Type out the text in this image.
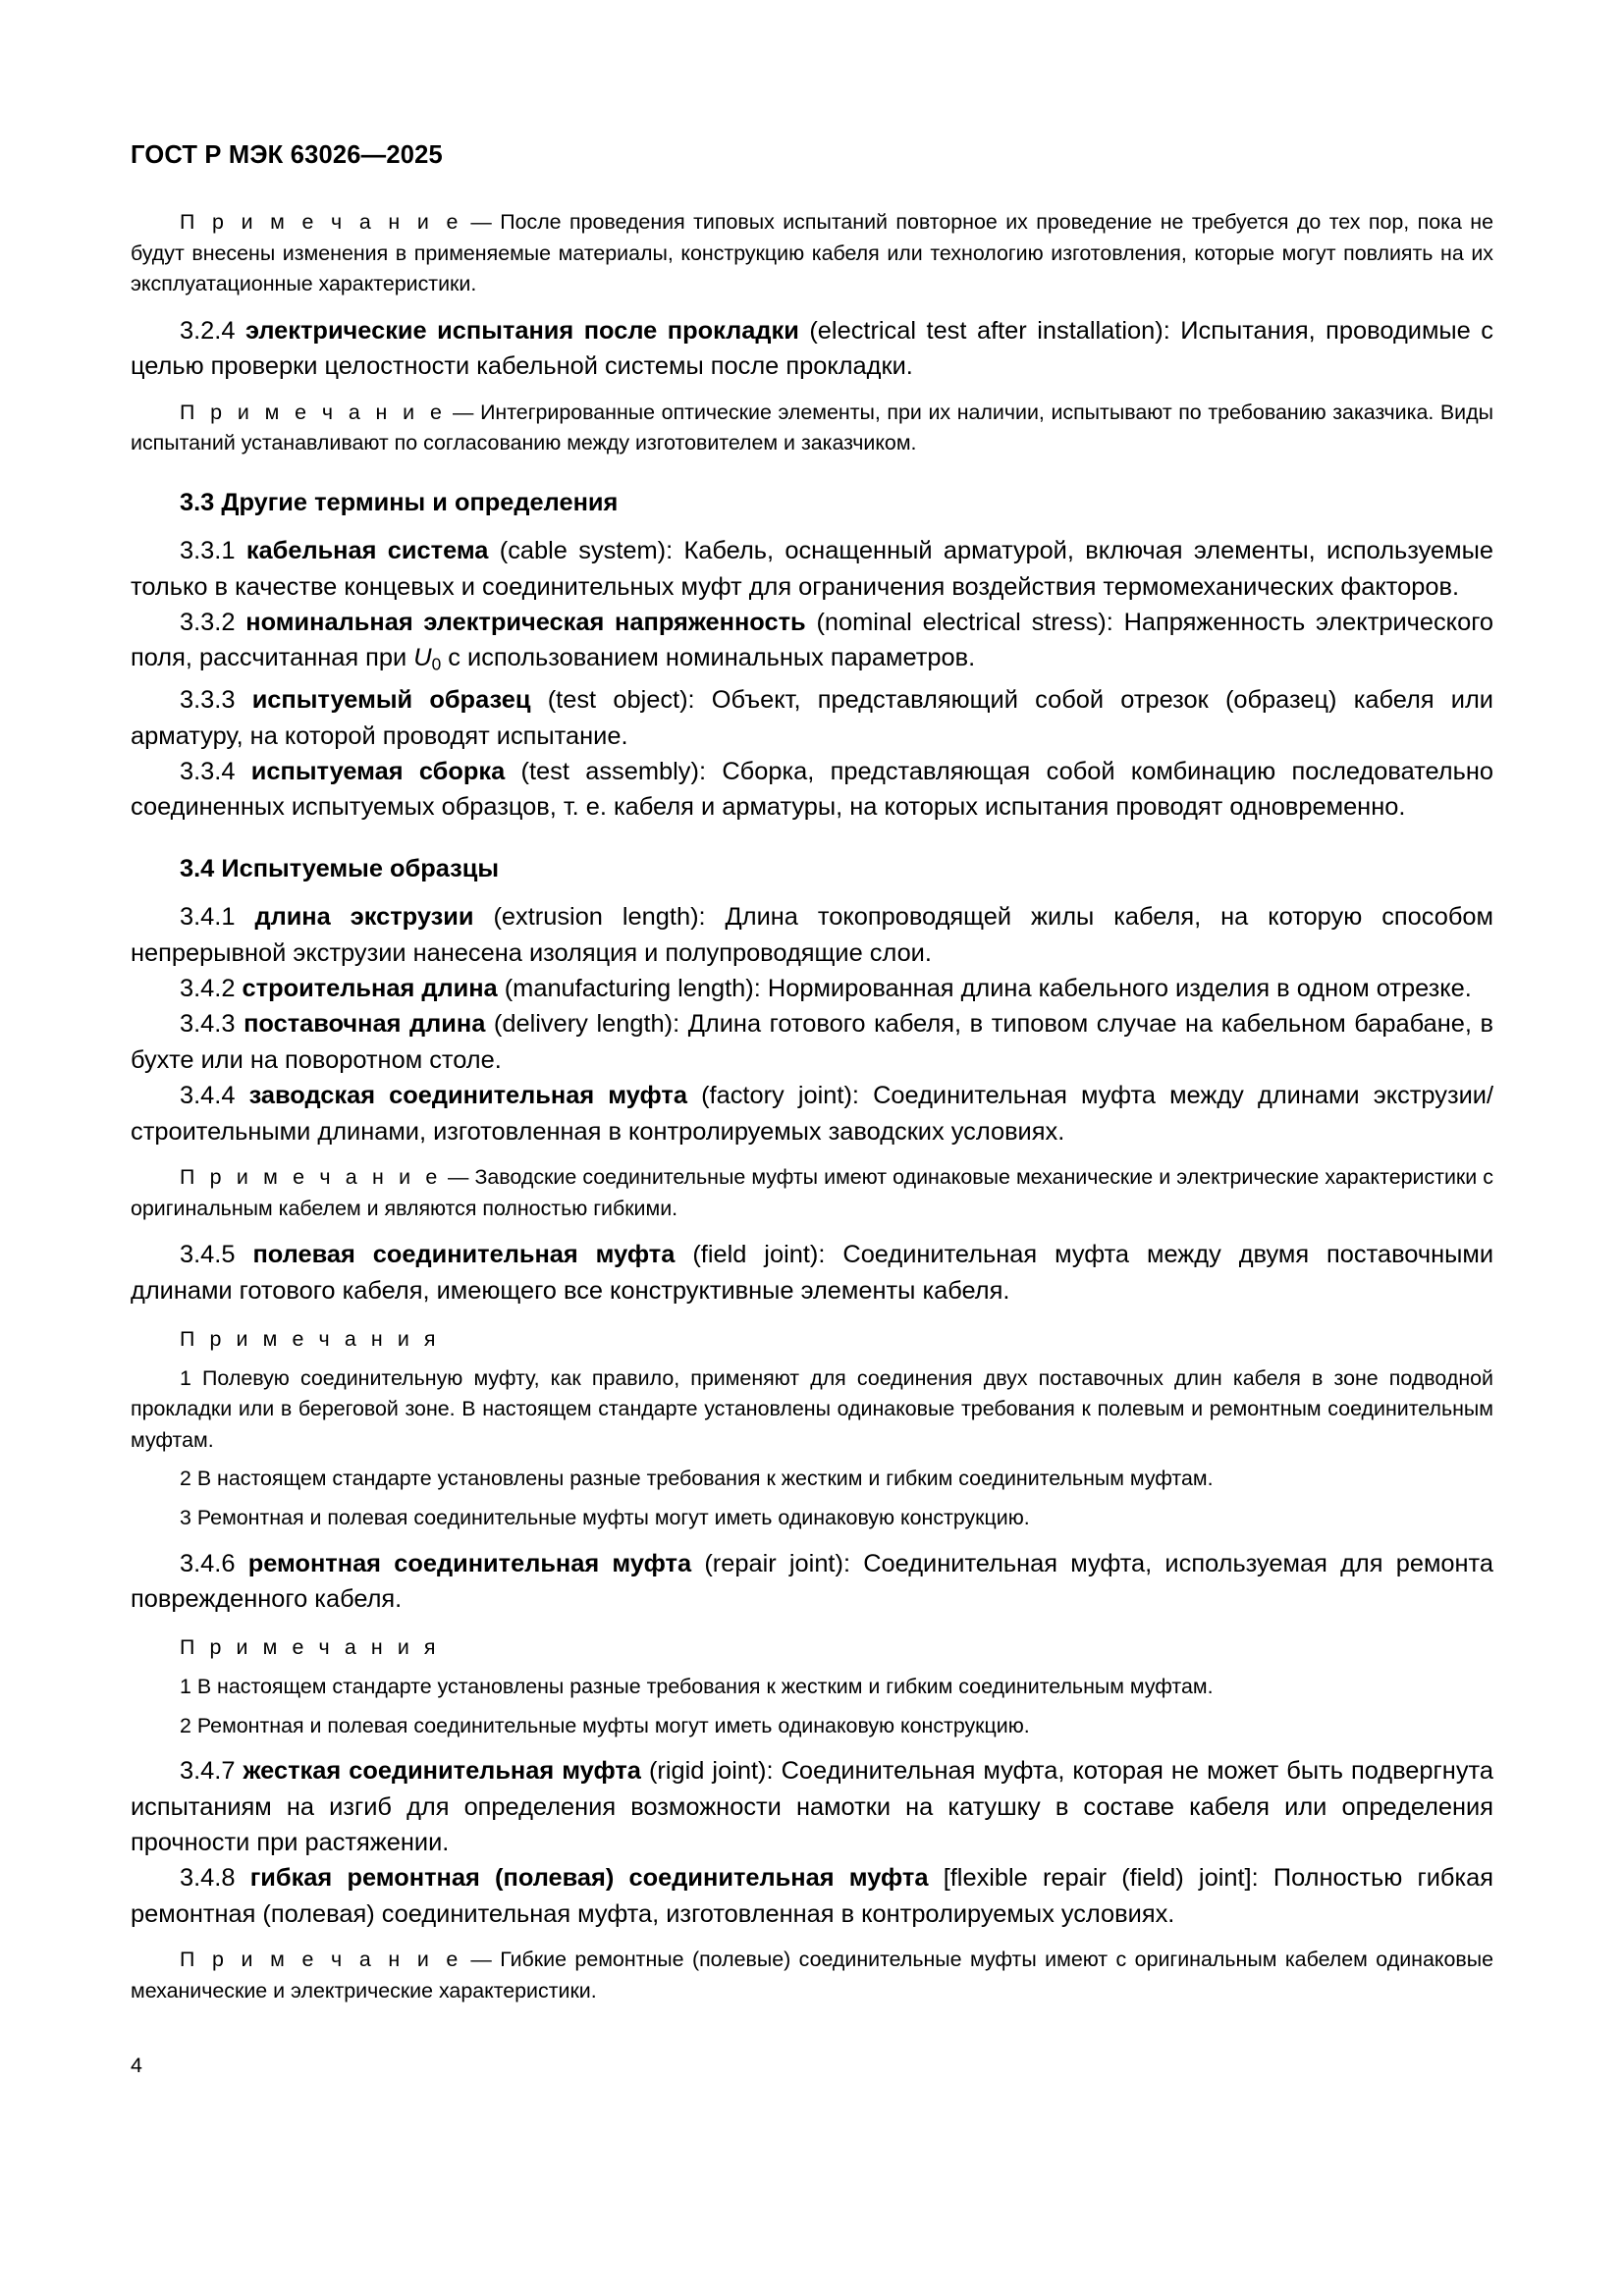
ГОСТ Р МЭК 63026—2025

П р и м е ч а н и е — После проведения типовых испытаний повторное их проведение не требуется до тех пор, пока не будут внесены изменения в применяемые материалы, конструкцию кабеля или технологию изготовления, которые могут повлиять на их эксплуатационные характеристики.

3.2.4 электрические испытания после прокладки (electrical test after installation): Испытания, проводимые с целью проверки целостности кабельной системы после прокладки.

П р и м е ч а н и е — Интегрированные оптические элементы, при их наличии, испытывают по требованию заказчика. Виды испытаний устанавливают по согласованию между изготовителем и заказчиком.

3.3 Другие термины и определения

3.3.1 кабельная система (cable system): Кабель, оснащенный арматурой, включая элементы, используемые только в качестве концевых и соединительных муфт для ограничения воздействия термомеханических факторов.

3.3.2 номинальная электрическая напряженность (nominal electrical stress): Напряженность электрического поля, рассчитанная при $U_0$ с использованием номинальных параметров.

3.3.3 испытуемый образец (test object): Объект, представляющий собой отрезок (образец) кабеля или арматуру, на которой проводят испытание.

3.3.4 испытуемая сборка (test assembly): Сборка, представляющая собой комбинацию последовательно соединенных испытуемых образцов, т. е. кабеля и арматуры, на которых испытания проводят одновременно.

3.4 Испытуемые образцы

3.4.1 длина экструзии (extrusion length): Длина токопроводящей жилы кабеля, на которую способом непрерывной экструзии нанесена изоляция и полупроводящие слои.

3.4.2 строительная длина (manufacturing length): Нормированная длина кабельного изделия в одном отрезке.

3.4.3 поставочная длина (delivery length): Длина готового кабеля, в типовом случае на кабельном барабане, в бухте или на поворотном столе.

3.4.4 заводская соединительная муфта (factory joint): Соединительная муфта между длинами экструзии/строительными длинами, изготовленная в контролируемых заводских условиях.

П р и м е ч а н и е — Заводские соединительные муфты имеют одинаковые механические и электрические характеристики с оригинальным кабелем и являются полностью гибкими.

3.4.5 полевая соединительная муфта (field joint): Соединительная муфта между двумя поставочными длинами готового кабеля, имеющего все конструктивные элементы кабеля.

П р и м е ч а н и я

1 Полевую соединительную муфту, как правило, применяют для соединения двух поставочных длин кабеля в зоне подводной прокладки или в береговой зоне. В настоящем стандарте установлены одинаковые требования к полевым и ремонтным соединительным муфтам.

2 В настоящем стандарте установлены разные требования к жестким и гибким соединительным муфтам.

3 Ремонтная и полевая соединительные муфты могут иметь одинаковую конструкцию.

3.4.6 ремонтная соединительная муфта (repair joint): Соединительная муфта, используемая для ремонта поврежденного кабеля.

П р и м е ч а н и я

1 В настоящем стандарте установлены разные требования к жестким и гибким соединительным муфтам.

2 Ремонтная и полевая соединительные муфты могут иметь одинаковую конструкцию.

3.4.7 жесткая соединительная муфта (rigid joint): Соединительная муфта, которая не может быть подвергнута испытаниям на изгиб для определения возможности намотки на катушку в составе кабеля или определения прочности при растяжении.

3.4.8 гибкая ремонтная (полевая) соединительная муфта [flexible repair (field) joint]: Полностью гибкая ремонтная (полевая) соединительная муфта, изготовленная в контролируемых условиях.

П р и м е ч а н и е — Гибкие ремонтные (полевые) соединительные муфты имеют с оригинальным кабелем одинаковые механические и электрические характеристики.

4
